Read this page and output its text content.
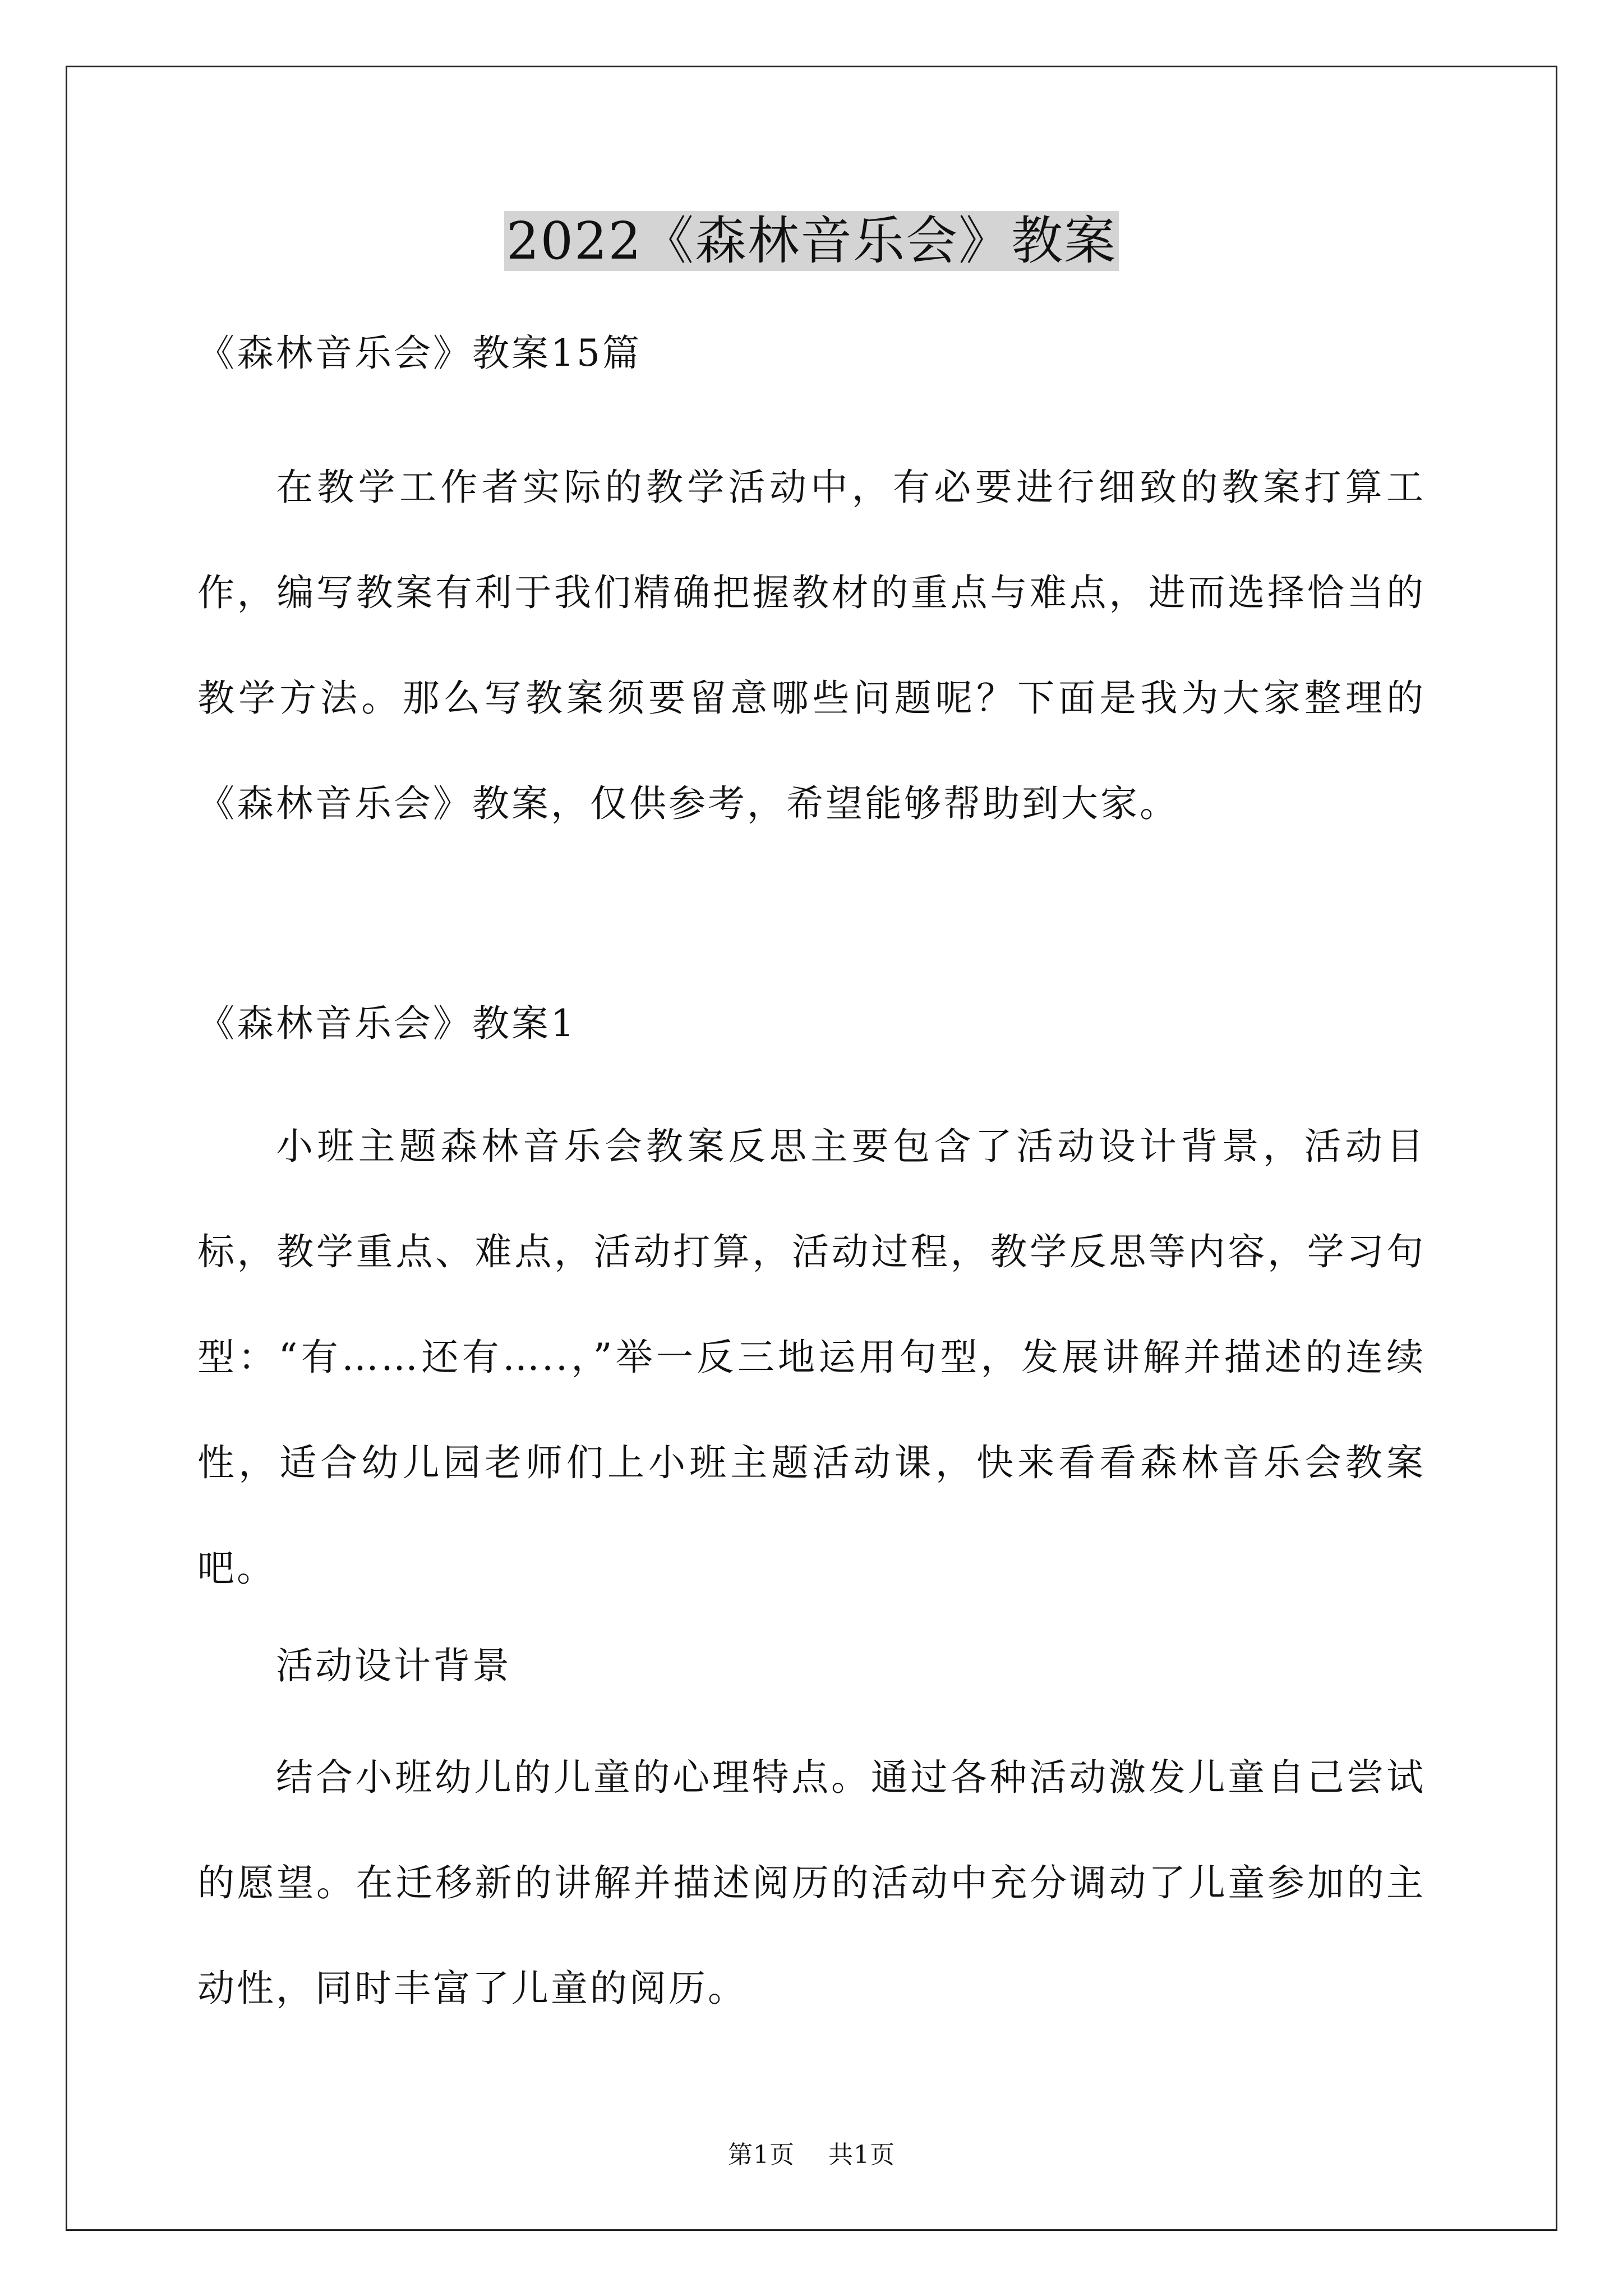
2022《森林音乐会》教案
《森林音乐会》教案15篇

在教学工作者实际的教学活动中，有必要进行细致的教案打算工作，编写教案有利于我们精确把握教材的重点与难点，进而选择恰当的教学方法。那么写教案须要留意哪些问题呢？下面是我为大家整理的《森林音乐会》教案，仅供参考，希望能够帮助到大家。

《森林音乐会》教案1

小班主题森林音乐会教案反思主要包含了活动设计背景，活动目标，教学重点、难点，活动打算，活动过程，教学反思等内容，学习句型：“有……还有…..，”举一反三地运用句型，发展讲解并描述的连续性，适合幼儿园老师们上小班主题活动课，快来看看森林音乐会教案吧。

活动设计背景

结合小班幼儿的儿童的心理特点。通过各种活动激发儿童自己尝试的愿望。在迁移新的讲解并描述阅历的活动中充分调动了儿童参加的主动性，同时丰富了儿童的阅历。

第1页 共1页
